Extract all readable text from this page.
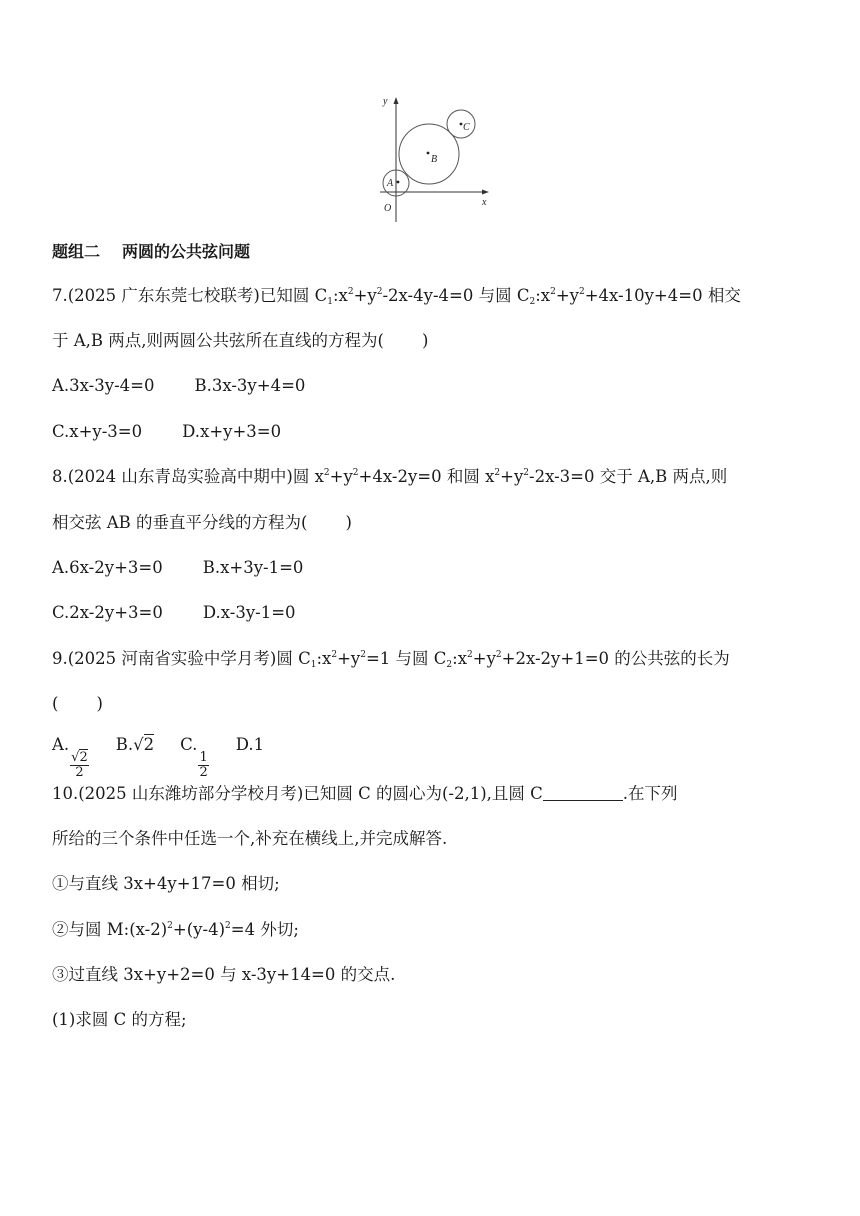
y
x
O
A
B
C
题组二 两圆的公共弦问题
7.(2025 广东东莞七校联考)已知圆 $C_1:x^2+y^2-2x-4y-4=0$ 与圆 $C_2:x^2+y^2+4x-10y+4=0$ 相交
于 A,B 两点,则两圆公共弦所在直线的方程为( )
A.3x-3y-4=0 B.3x-3y+4=0
C.x+y-3=0 D.x+y+3=0
8.(2024 山东青岛实验高中期中)圆 $x^2+y^2+4x-2y=0$ 和圆 $x^2+y^2-2x-3=0$ 交于 A,B 两点,则
相交弦 AB 的垂直平分线的方程为( )
A.6x-2y+3=0 B.x+3y-1=0
C.2x-2y+3=0 D.x-3y-1=0
9.(2025 河南省实验中学月考)圆 $C_1:x^2+y^2=1$ 与圆 $C_2:x^2+y^2+2x-2y+1=0$ 的公共弦的长为
( )
A.
$\frac{√2}{2}$
B.√2 C.
$\frac{1}{2}$
D.1
10.(2025 山东潍坊部分学校月考)已知圆 C 的圆心为(-2,1),且圆 C	.在下列
所给的三个条件中任选一个,补充在横线上,并完成解答.
①与直线 3x+4y+17=0 相切;
②与圆 $M:(x-2)^2+(y-4)^2=4$ 外切;
③过直线 3x+y+2=0 与 x-3y+14=0 的交点.
(1)求圆 C 的方程;
